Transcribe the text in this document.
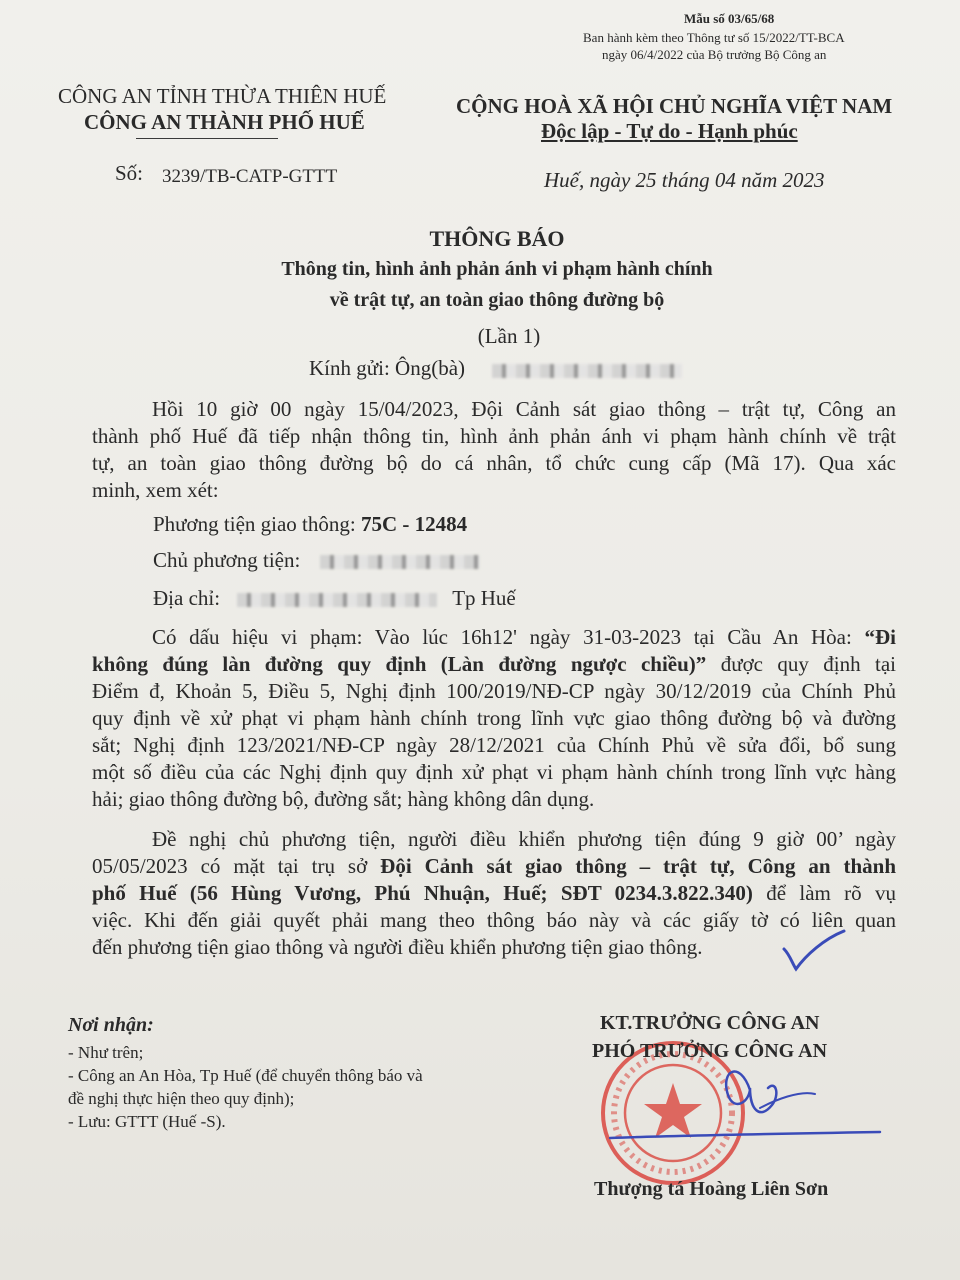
Mẫu số 03/65/68
Ban hành kèm theo Thông tư số 15/2022/TT-BCA
ngày 06/4/2022 của Bộ trưởng Bộ Công an
CÔNG AN TỈNH THỪA THIÊN HUẾ
CÔNG AN THÀNH PHỐ HUẾ
Số: 3239/TB-CATP-GTTT
CỘNG HOÀ XÃ HỘI CHỦ NGHĨA VIỆT NAM
Độc lập - Tự do - Hạnh phúc
Huế, ngày 25 tháng 04 năm 2023
THÔNG BÁO
Thông tin, hình ảnh phản ánh vi phạm hành chính
về trật tự, an toàn giao thông đường bộ
(Lần 1)
Kính gửi: Ông(bà)
Hồi 10 giờ 00 ngày 15/04/2023, Đội Cảnh sát giao thông – trật tự, Công an
thành phố Huế đã tiếp nhận thông tin, hình ảnh phản ánh vi phạm hành chính về trật
tự, an toàn giao thông đường bộ do cá nhân, tổ chức cung cấp (Mã 17). Qua xác
minh, xem xét:
Phương tiện giao thông: 75C - 12484
Chủ phương tiện:
Địa chỉ:	Tp Huế
Có dấu hiệu vi phạm: Vào lúc 16h12' ngày 31-03-2023 tại Cầu An Hòa: “Đi
không đúng làn đường quy định (Làn đường ngược chiều)” được quy định tại
Điểm đ, Khoản 5, Điều 5, Nghị định 100/2019/NĐ-CP ngày 30/12/2019 của Chính Phủ
quy định về xử phạt vi phạm hành chính trong lĩnh vực giao thông đường bộ và đường
sắt; Nghị định 123/2021/NĐ-CP ngày 28/12/2021 của Chính Phủ về sửa đổi, bổ sung
một số điều của các Nghị định quy định xử phạt vi phạm hành chính trong lĩnh vực hàng
hải; giao thông đường bộ, đường sắt; hàng không dân dụng.
Đề nghị chủ phương tiện, người điều khiển phương tiện đúng 9 giờ 00’ ngày
05/05/2023 có mặt tại trụ sở Đội Cảnh sát giao thông – trật tự, Công an thành
phố Huế (56 Hùng Vương, Phú Nhuận, Huế; SĐT 0234.3.822.340) để làm rõ vụ
việc. Khi đến giải quyết phải mang theo thông báo này và các giấy tờ có liên quan
đến phương tiện giao thông và người điều khiển phương tiện giao thông.
Nơi nhận:
- Như trên;
- Công an An Hòa, Tp Huế (để chuyển thông báo và
đề nghị thực hiện theo quy định);
- Lưu: GTTT (Huế -S).
KT.TRƯỞNG CÔNG AN
PHÓ TRƯỞNG CÔNG AN
Thượng tá Hoàng Liên Sơn
